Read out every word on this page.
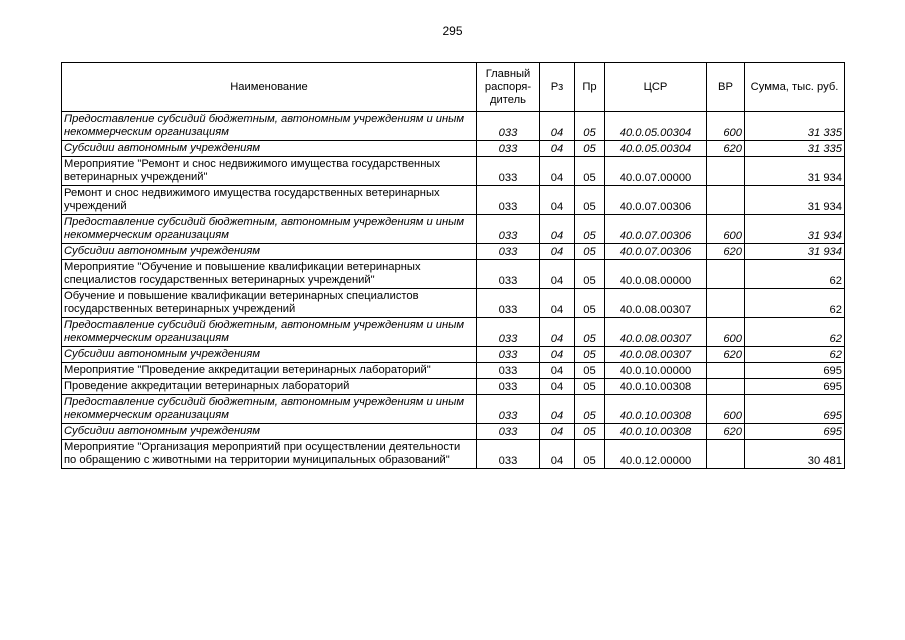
295
Наименование	Главный распоря-дитель	Рз	Пр	ЦСР	ВР	Сумма, тыс. руб.
Предоставление субсидий бюджетным, автономным учреждениям и иным некоммерческим организациям	033	04	05	40.0.05.00304	600	31 335
Субсидии автономным учреждениям	033	04	05	40.0.05.00304	620	31 335
Мероприятие "Ремонт и снос недвижимого имущества государственных ветеринарных учреждений"	033	04	05	40.0.07.00000		31 934
Ремонт и снос недвижимого имущества государственных ветеринарных учреждений	033	04	05	40.0.07.00306		31 934
Предоставление субсидий бюджетным, автономным учреждениям и иным некоммерческим организациям	033	04	05	40.0.07.00306	600	31 934
Субсидии автономным учреждениям	033	04	05	40.0.07.00306	620	31 934
Мероприятие "Обучение и повышение квалификации ветеринарных специалистов государственных ветеринарных учреждений"	033	04	05	40.0.08.00000		62
Обучение и повышение квалификации ветеринарных специалистов государственных ветеринарных учреждений	033	04	05	40.0.08.00307		62
Предоставление субсидий бюджетным, автономным учреждениям и иным некоммерческим организациям	033	04	05	40.0.08.00307	600	62
Субсидии автономным учреждениям	033	04	05	40.0.08.00307	620	62
Мероприятие "Проведение аккредитации ветеринарных лабораторий"	033	04	05	40.0.10.00000		695
Проведение аккредитации ветеринарных лабораторий	033	04	05	40.0.10.00308		695
Предоставление субсидий бюджетным, автономным учреждениям и иным некоммерческим организациям	033	04	05	40.0.10.00308	600	695
Субсидии автономным учреждениям	033	04	05	40.0.10.00308	620	695
Мероприятие "Организация мероприятий при осуществлении деятельности по обращению с животными на территории муниципальных образований"	033	04	05	40.0.12.00000		30 481
